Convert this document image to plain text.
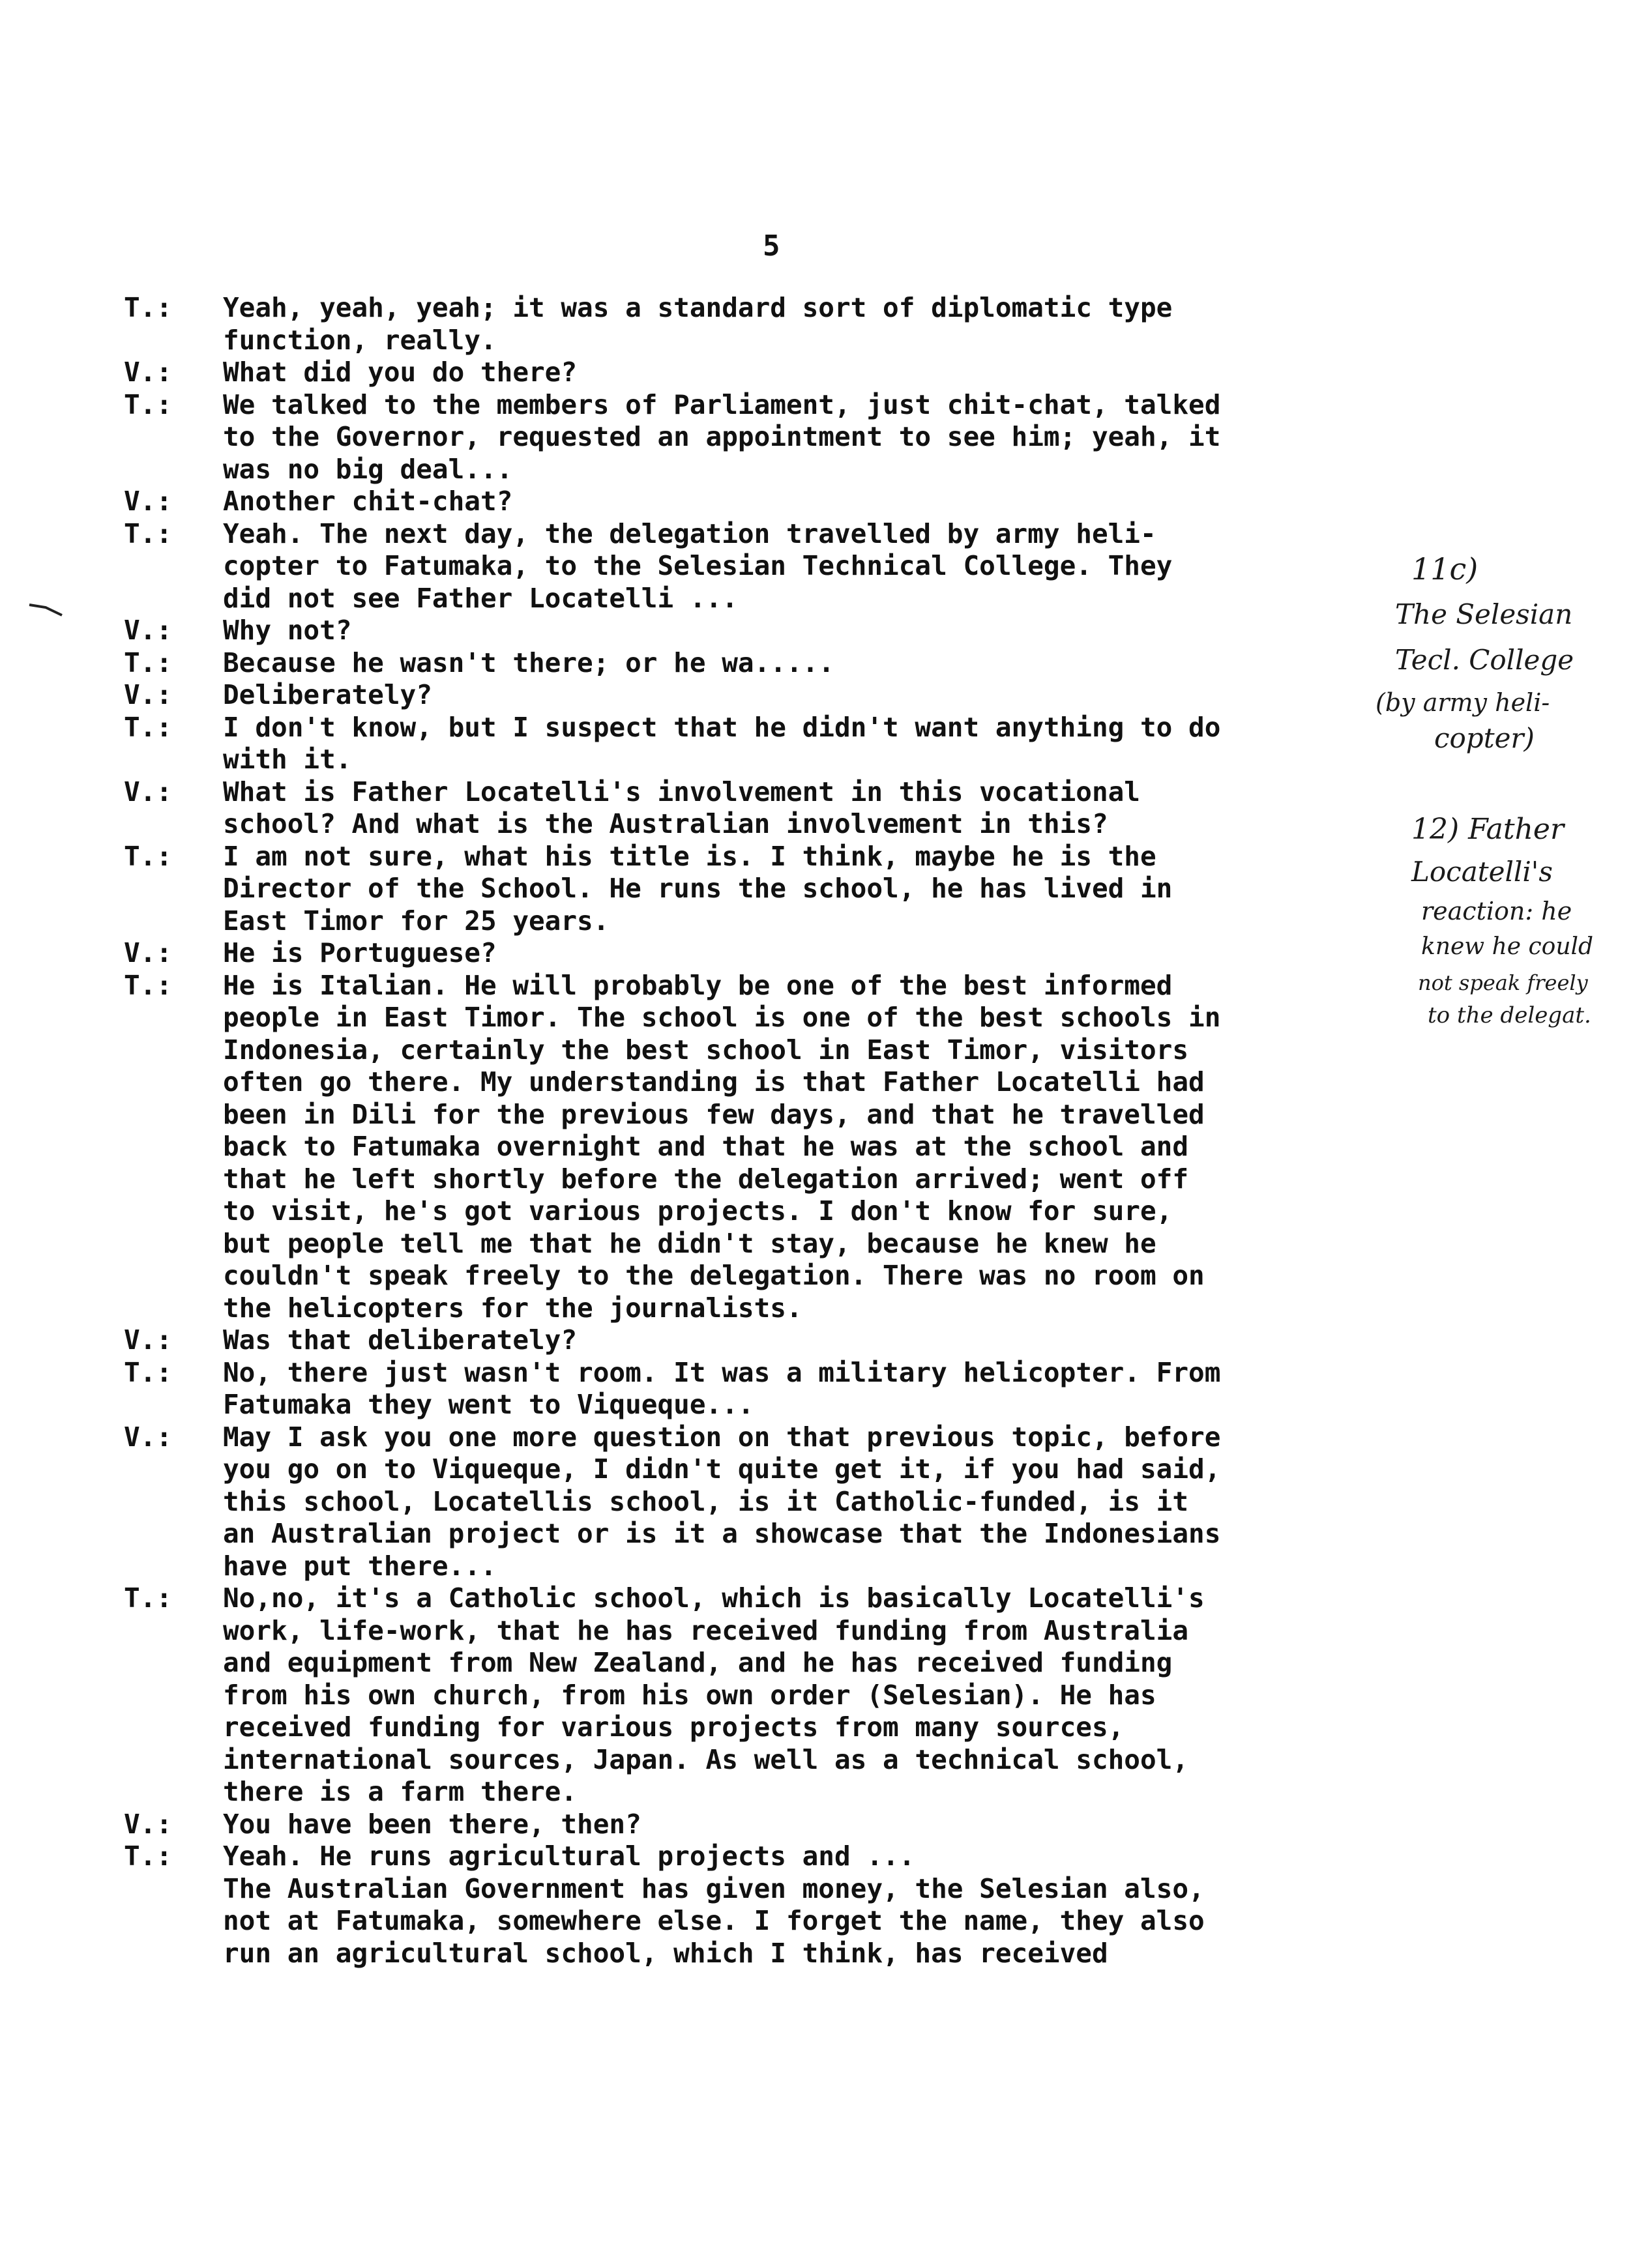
5
T.:	Yeah, yeah, yeah; it was a standard sort of diplomatic type
function, really.
V.:	What did you do there?
T.:	We talked to the members of Parliament, just chit-chat, talked
to the Governor, requested an appointment to see him; yeah, it
was no big deal...
V.:	Another chit-chat?
T.:	Yeah. The next day, the delegation travelled by army heli-
copter to Fatumaka, to the Selesian Technical College. They
did not see Father Locatelli ...
V.:	Why not?
T.:	Because he wasn't there; or he wa.....
V.:	Deliberately?
T.:	I don't know, but I suspect that he didn't want anything to do
with it.
V.:	What is Father Locatelli's involvement in this vocational
school? And what is the Australian involvement in this?
T.:	I am not sure, what his title is. I think, maybe he is the
Director of the School. He runs the school, he has lived in
East Timor for 25 years.
V.:	He is Portuguese?
T.:	He is Italian. He will probably be one of the best informed
people in East Timor. The school is one of the best schools in
Indonesia, certainly the best school in East Timor, visitors
often go there. My understanding is that Father Locatelli had
been in Dili for the previous few days, and that he travelled
back to Fatumaka overnight and that he was at the school and
that he left shortly before the delegation arrived; went off
to visit, he's got various projects. I don't know for sure,
but people tell me that he didn't stay, because he knew he
couldn't speak freely to the delegation. There was no room on
the helicopters for the journalists.
V.:	Was that deliberately?
T.:	No, there just wasn't room. It was a military helicopter. From
Fatumaka they went to Viqueque...
V.:	May I ask you one more question on that previous topic, before
you go on to Viqueque, I didn't quite get it, if you had said,
this school, Locatellis school, is it Catholic-funded, is it
an Australian project or is it a showcase that the Indonesians
have put there...
T.:	No,no, it's a Catholic school, which is basically Locatelli's
work, life-work, that he has received funding from Australia
and equipment from New Zealand, and he has received funding
from his own church, from his own order (Selesian). He has
received funding for various projects from many sources,
international sources, Japan. As well as a technical school,
there is a farm there.
V.:	You have been there, then?
T.:	Yeah. He runs agricultural projects and ...
The Australian Government has given money, the Selesian also,
not at Fatumaka, somewhere else. I forget the name, they also
run an agricultural school, which I think, has received
11c)
The Selesian
Tecl. College
(by army heli-
copter)
12) Father
Locatelli's
reaction: he
knew he could
not speak freely
to the delegat.
